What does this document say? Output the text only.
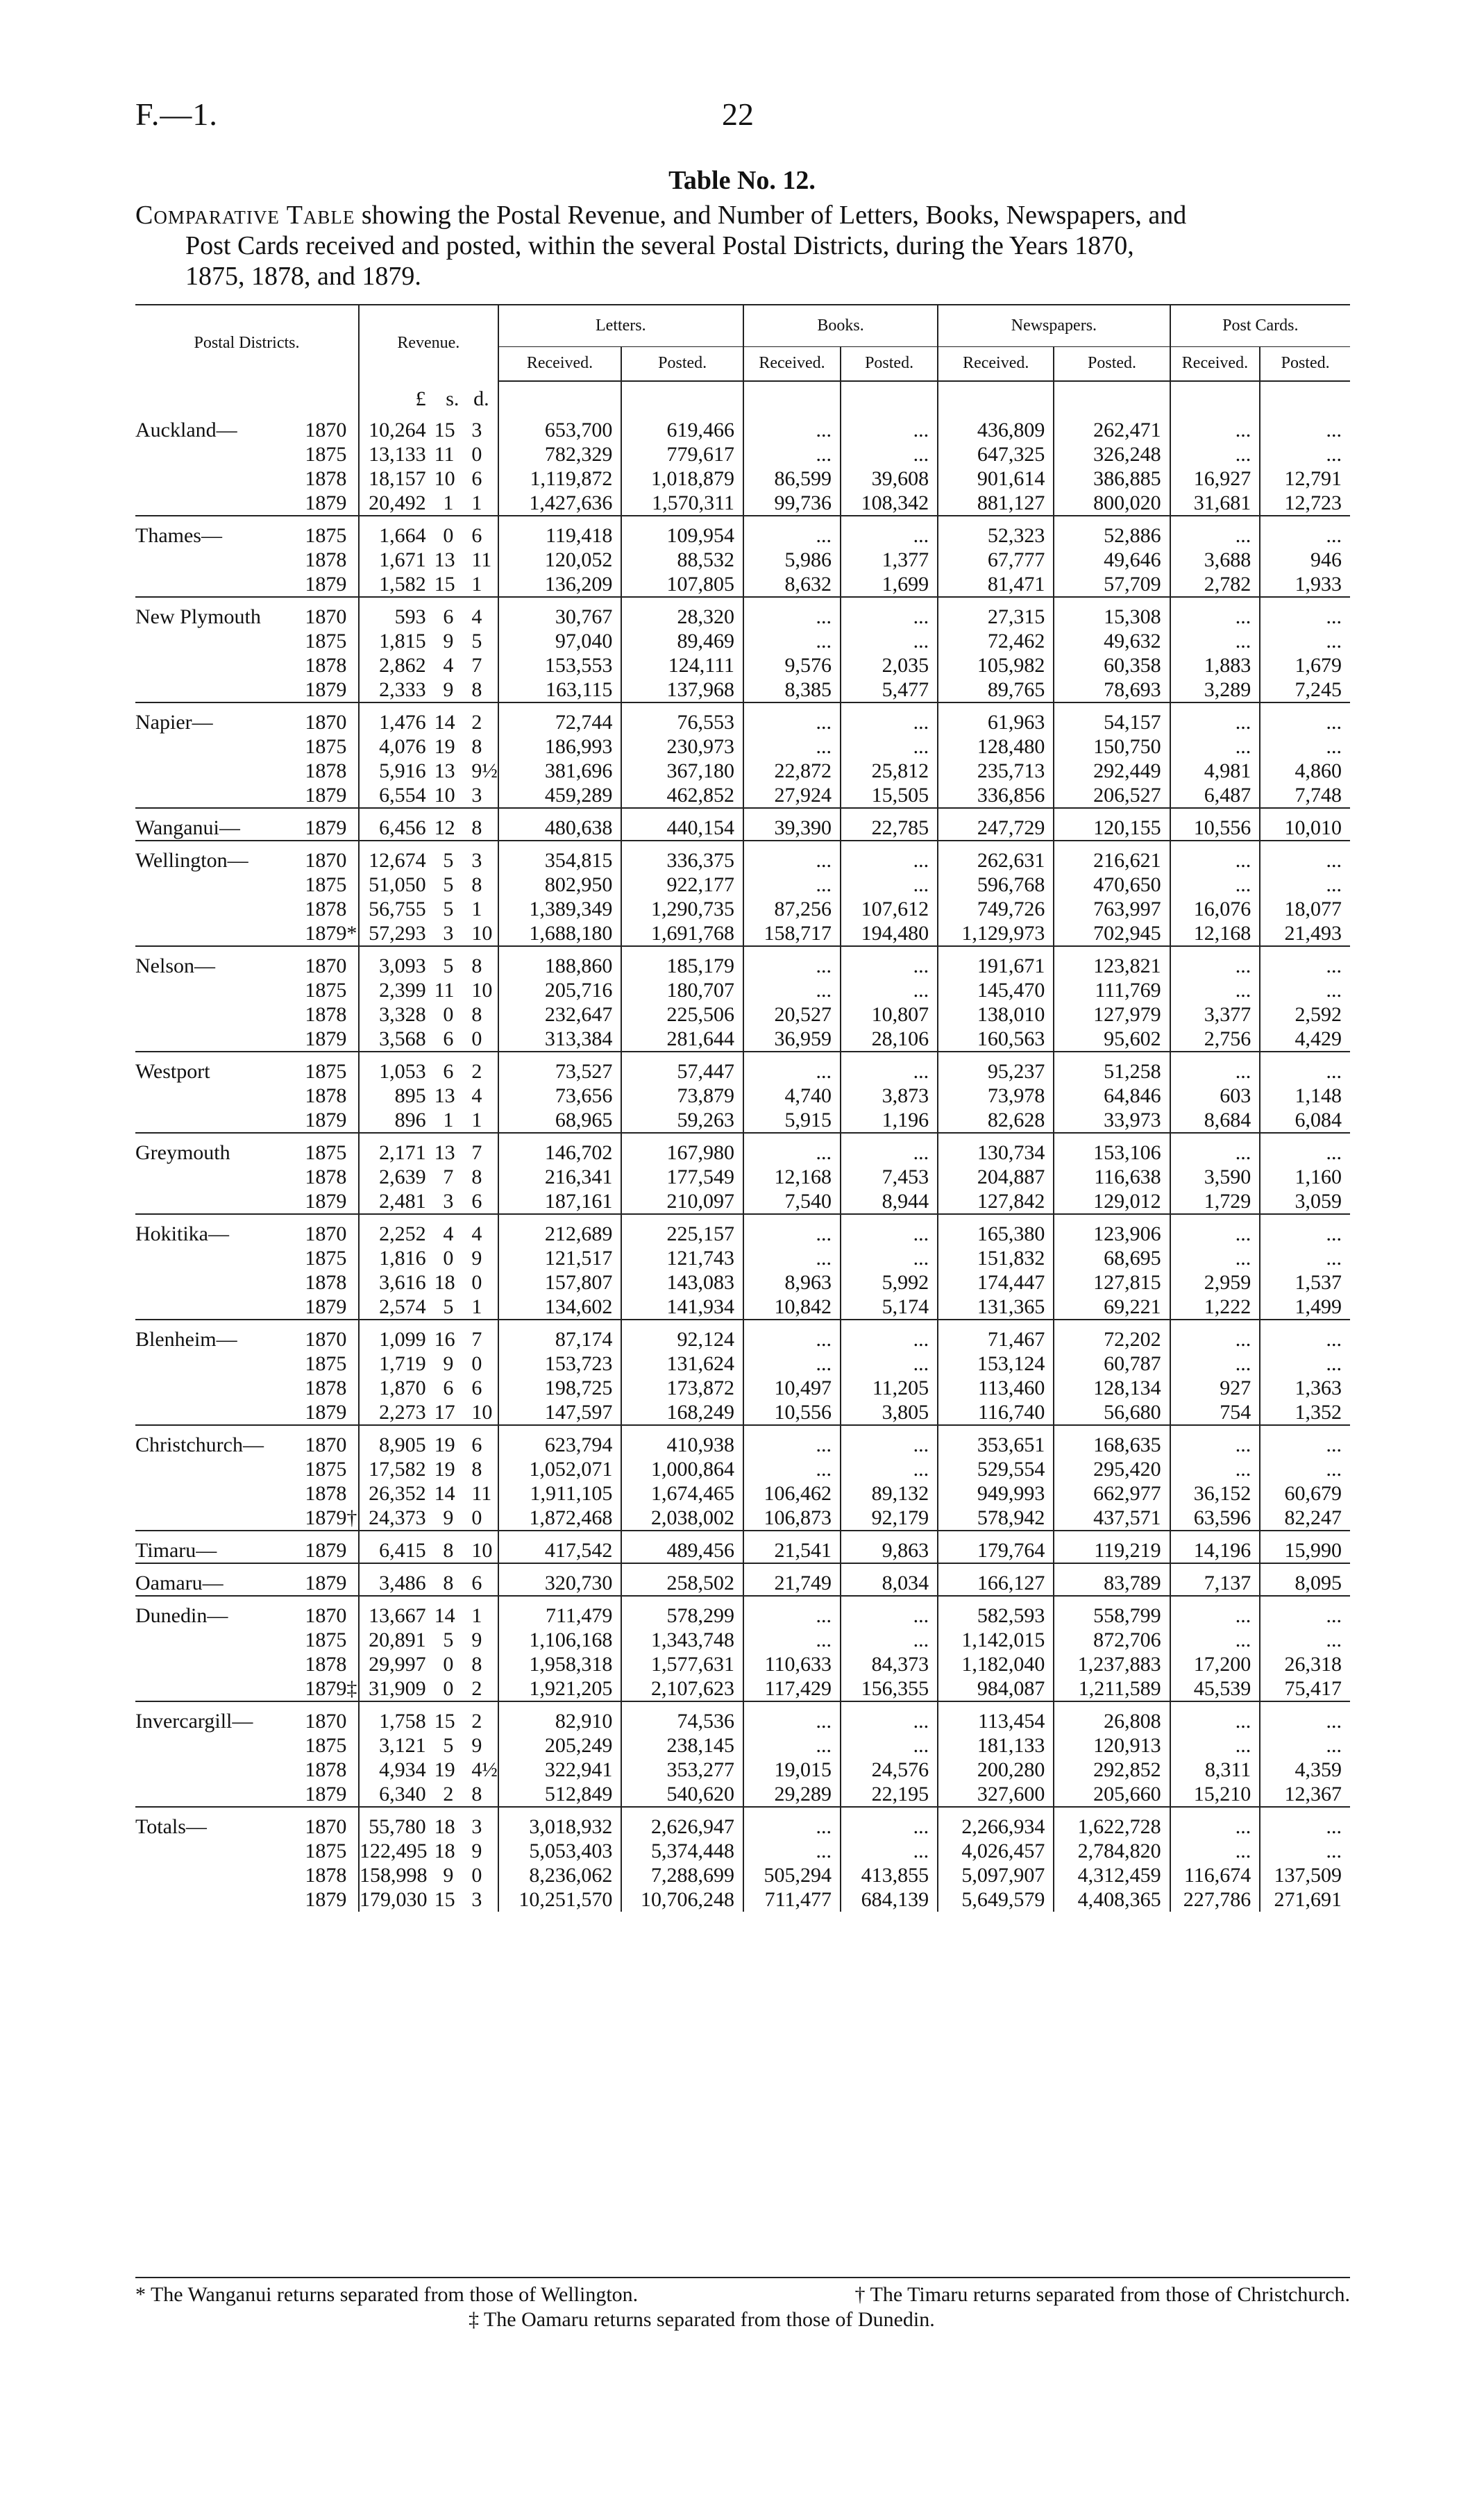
F.—1.	22
Table No. 12.
Comparative Table showing the Postal Revenue, and Number of Letters, Books, Newspapers, and
Post Cards received and posted, within the several Postal Districts, during the Years 1870,
1875, 1878, and 1879.
Postal Districts.		Revenue.			Letters.		Books.		Newspapers.		Post Cards.	
					Received.	Posted.	Received.	Posted.	Received.	Posted.	Received.	Posted.
		£	s.	d.								
Auckland—	1870	10,264	15	3	653,700	619,466	...	...	436,809	262,471	...	...
	1875	13,133	11	0	782,329	779,617	...	...	647,325	326,248	...	...
	1878	18,157	10	6	1,119,872	1,018,879	86,599	39,608	901,614	386,885	16,927	12,791
	1879	20,492	1	1	1,427,636	1,570,311	99,736	108,342	881,127	800,020	31,681	12,723
Thames—	1875	1,664	0	6	119,418	109,954	...	...	52,323	52,886	...	...
	1878	1,671	13	11	120,052	88,532	5,986	1,377	67,777	49,646	3,688	946
	1879	1,582	15	1	136,209	107,805	8,632	1,699	81,471	57,709	2,782	1,933
New Plymouth	1870	593	6	4	30,767	28,320	...	...	27,315	15,308	...	...
	1875	1,815	9	5	97,040	89,469	...	...	72,462	49,632	...	...
	1878	2,862	4	7	153,553	124,111	9,576	2,035	105,982	60,358	1,883	1,679
	1879	2,333	9	8	163,115	137,968	8,385	5,477	89,765	78,693	3,289	7,245
Napier—	1870	1,476	14	2	72,744	76,553	...	...	61,963	54,157	...	...
	1875	4,076	19	8	186,993	230,973	...	...	128,480	150,750	...	...
	1878	5,916	13	9½	381,696	367,180	22,872	25,812	235,713	292,449	4,981	4,860
	1879	6,554	10	3	459,289	462,852	27,924	15,505	336,856	206,527	6,487	7,748
Wanganui—	1879	6,456	12	8	480,638	440,154	39,390	22,785	247,729	120,155	10,556	10,010
Wellington—	1870	12,674	5	3	354,815	336,375	...	...	262,631	216,621	...	...
	1875	51,050	5	8	802,950	922,177	...	...	596,768	470,650	...	...
	1878	56,755	5	1	1,389,349	1,290,735	87,256	107,612	749,726	763,997	16,076	18,077
	1879*	57,293	3	10	1,688,180	1,691,768	158,717	194,480	1,129,973	702,945	12,168	21,493
Nelson—	1870	3,093	5	8	188,860	185,179	...	...	191,671	123,821	...	...
	1875	2,399	11	10	205,716	180,707	...	...	145,470	111,769	...	...
	1878	3,328	0	8	232,647	225,506	20,527	10,807	138,010	127,979	3,377	2,592
	1879	3,568	6	0	313,384	281,644	36,959	28,106	160,563	95,602	2,756	4,429
Westport	1875	1,053	6	2	73,527	57,447	...	...	95,237	51,258	...	...
	1878	895	13	4	73,656	73,879	4,740	3,873	73,978	64,846	603	1,148
	1879	896	1	1	68,965	59,263	5,915	1,196	82,628	33,973	8,684	6,084
Greymouth	1875	2,171	13	7	146,702	167,980	...	...	130,734	153,106	...	...
	1878	2,639	7	8	216,341	177,549	12,168	7,453	204,887	116,638	3,590	1,160
	1879	2,481	3	6	187,161	210,097	7,540	8,944	127,842	129,012	1,729	3,059
Hokitika—	1870	2,252	4	4	212,689	225,157	...	...	165,380	123,906	...	...
	1875	1,816	0	9	121,517	121,743	...	...	151,832	68,695	...	...
	1878	3,616	18	0	157,807	143,083	8,963	5,992	174,447	127,815	2,959	1,537
	1879	2,574	5	1	134,602	141,934	10,842	5,174	131,365	69,221	1,222	1,499
Blenheim—	1870	1,099	16	7	87,174	92,124	...	...	71,467	72,202	...	...
	1875	1,719	9	0	153,723	131,624	...	...	153,124	60,787	...	...
	1878	1,870	6	6	198,725	173,872	10,497	11,205	113,460	128,134	927	1,363
	1879	2,273	17	10	147,597	168,249	10,556	3,805	116,740	56,680	754	1,352
Christchurch—	1870	8,905	19	6	623,794	410,938	...	...	353,651	168,635	...	...
	1875	17,582	19	8	1,052,071	1,000,864	...	...	529,554	295,420	...	...
	1878	26,352	14	11	1,911,105	1,674,465	106,462	89,132	949,993	662,977	36,152	60,679
	1879†	24,373	9	0	1,872,468	2,038,002	106,873	92,179	578,942	437,571	63,596	82,247
Timaru—	1879	6,415	8	10	417,542	489,456	21,541	9,863	179,764	119,219	14,196	15,990
Oamaru—	1879	3,486	8	6	320,730	258,502	21,749	8,034	166,127	83,789	7,137	8,095
Dunedin—	1870	13,667	14	1	711,479	578,299	...	...	582,593	558,799	...	...
	1875	20,891	5	9	1,106,168	1,343,748	...	...	1,142,015	872,706	...	...
	1878	29,997	0	8	1,958,318	1,577,631	110,633	84,373	1,182,040	1,237,883	17,200	26,318
	1879‡	31,909	0	2	1,921,205	2,107,623	117,429	156,355	984,087	1,211,589	45,539	75,417
Invercargill—	1870	1,758	15	2	82,910	74,536	...	...	113,454	26,808	...	...
	1875	3,121	5	9	205,249	238,145	...	...	181,133	120,913	...	...
	1878	4,934	19	4½	322,941	353,277	19,015	24,576	200,280	292,852	8,311	4,359
	1879	6,340	2	8	512,849	540,620	29,289	22,195	327,600	205,660	15,210	12,367
Totals—	1870	55,780	18	3	3,018,932	2,626,947	...	...	2,266,934	1,622,728	...	...
	1875	122,495	18	9	5,053,403	5,374,448	...	...	4,026,457	2,784,820	...	...
	1878	158,998	9	0	8,236,062	7,288,699	505,294	413,855	5,097,907	4,312,459	116,674	137,509
	1879	179,030	15	3	10,251,570	10,706,248	711,477	684,139	5,649,579	4,408,365	227,786	271,691
* The Wanganui returns separated from those of Wellington.	† The Timaru returns separated from those of Christchurch.
‡ The Oamaru returns separated from those of Dunedin.
